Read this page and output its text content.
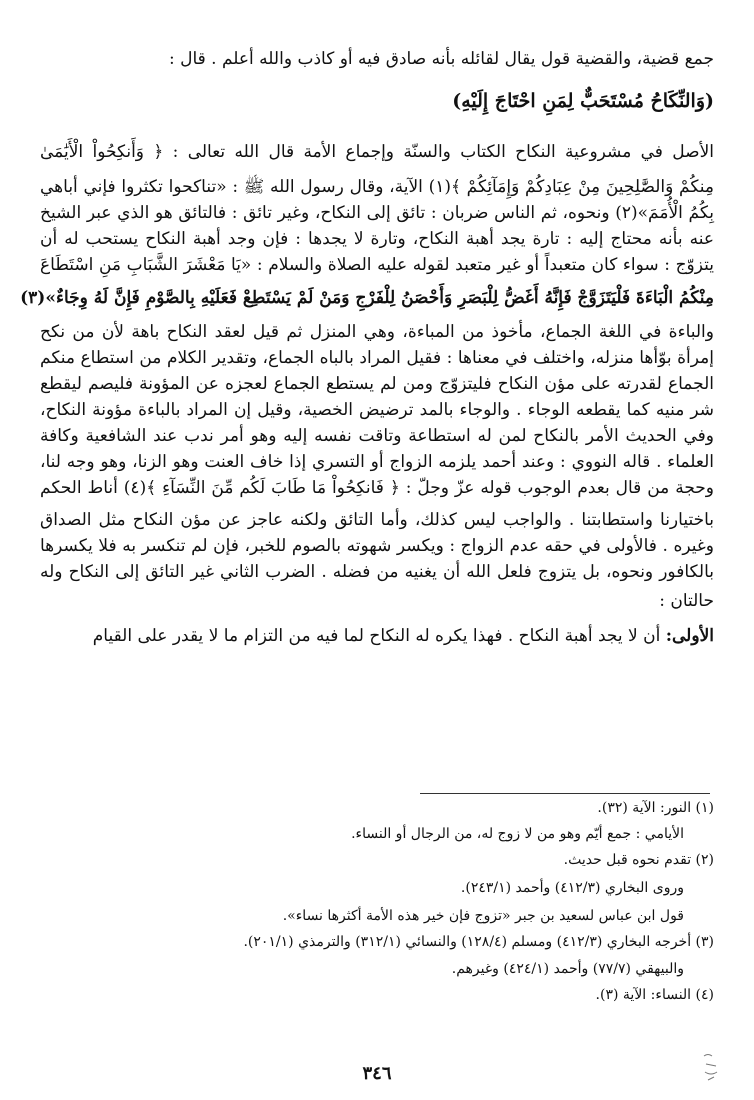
جمع قضية، والقضية قول يقال لقائله بأنه صادق فيه أو كاذب والله أعلم . قال :
(وَالنِّكَاحُ مُسْتَحَبٌّ لِمَنِ احْتَاجَ إِلَيْهِ)
الأصل في مشروعية النكاح الكتاب والسنّة وإجماع الأمة قال الله تعالى : ﴿ وَأَنكِحُواْ الْأَيَٰمَىٰ
مِنكُمْ وَالصَّٰلِحِينَ مِنْ عِبَادِكُمْ وَإِمَآئِكُمْ ﴾(١) الآية، وقال رسول الله ﷺ : «تناكحوا تكثروا فإني أباهي
بِكُمُ الْأُمَمَ»(٢) ونحوه، ثم الناس ضربان : تائق إلى النكاح، وغير تائق : فالتائق هو الذي عبر الشيخ
عنه بأنه محتاج إليه : تارة يجد أهبة النكاح، وتارة لا يجدها : فإن وجد أهبة النكاح يستحب له أن
يتزوّج : سواء كان متعبداً أو غير متعبد لقوله عليه الصلاة والسلام : «يَا مَعْشَرَ الشَّبَابِ مَنِ اسْتَطَاعَ
مِنْكُمُ الْبَاءَةَ فَلْيَتَزَوَّجْ فَإِنَّهُ أَغَضُّ لِلْبَصَرِ وَأَحْصَنُ لِلْفَرْجِ وَمَنْ لَمْ يَسْتَطِعْ فَعَلَيْهِ بِالصَّوْمِ فَإِنَّ لَهُ وِجَاءٌ»(٣)
والباءة في اللغة الجماع، مأخوذ من المباءة، وهي المنزل ثم قيل لعقد النكاح باهة لأن من نكح
إمرأة بوّأها منزله، واختلف في معناها : فقيل المراد بالباه الجماع، وتقدير الكلام من استطاع منكم
الجماع لقدرته على مؤن النكاح فليتزوّج ومن لم يستطع الجماع لعجزه عن المؤونة فليصم ليقطع
شر منيه كما يقطعه الوجاء . والوجاء بالمد ترضيض الخصية، وقيل إن المراد بالباءة مؤونة النكاح،
وفي الحديث الأمر بالنكاح لمن له استطاعة وتاقت نفسه إليه وهو أمر ندب عند الشافعية وكافة
العلماء . قاله النووي : وعند أحمد يلزمه الزواج أو التسري إذا خاف العنت وهو الزنا، وهو وجه لنا،
وحجة من قال بعدم الوجوب قوله عزّ وجلّ : ﴿ فَانكِحُواْ مَا طَابَ لَكُم مِّنَ النِّسَآءِ ﴾(٤) أناط الحكم
باختيارنا واستطابتنا . والواجب ليس كذلك، وأما التائق ولكنه عاجز عن مؤن النكاح مثل الصداق
وغيره . فالأولى في حقه عدم الزواج : ويكسر شهوته بالصوم للخبر، فإن لم تنكسر به فلا يكسرها
بالكافور ونحوه، بل يتزوج فلعل الله أن يغنيه من فضله . الضرب الثاني غير التائق إلى النكاح وله
حالتان :
الأولى: أن لا يجد أهبة النكاح . فهذا يكره له النكاح لما فيه من التزام ما لا يقدر على القيام
(١) النور: الآية (٣٢).
الأيامي : جمع أيّم وهو من لا زوج له، من الرجال أو النساء.
(٢) تقدم نحوه قبل حديث.
وروى البخاري (٤١٢/٣) وأحمد (٢٤٣/١).
قول ابن عباس لسعيد بن جبر «تزوج فإن خير هذه الأمة أكثرها نساء».
(٣) أخرجه البخاري (٤١٢/٣) ومسلم (١٢٨/٤) والنسائي (٣١٢/١) والترمذي (٢٠١/١).
والبيهقي (٧٧/٧) وأحمد (٤٢٤/١) وغيرهم.
(٤) النساء: الآية (٣).
٣٤٦
